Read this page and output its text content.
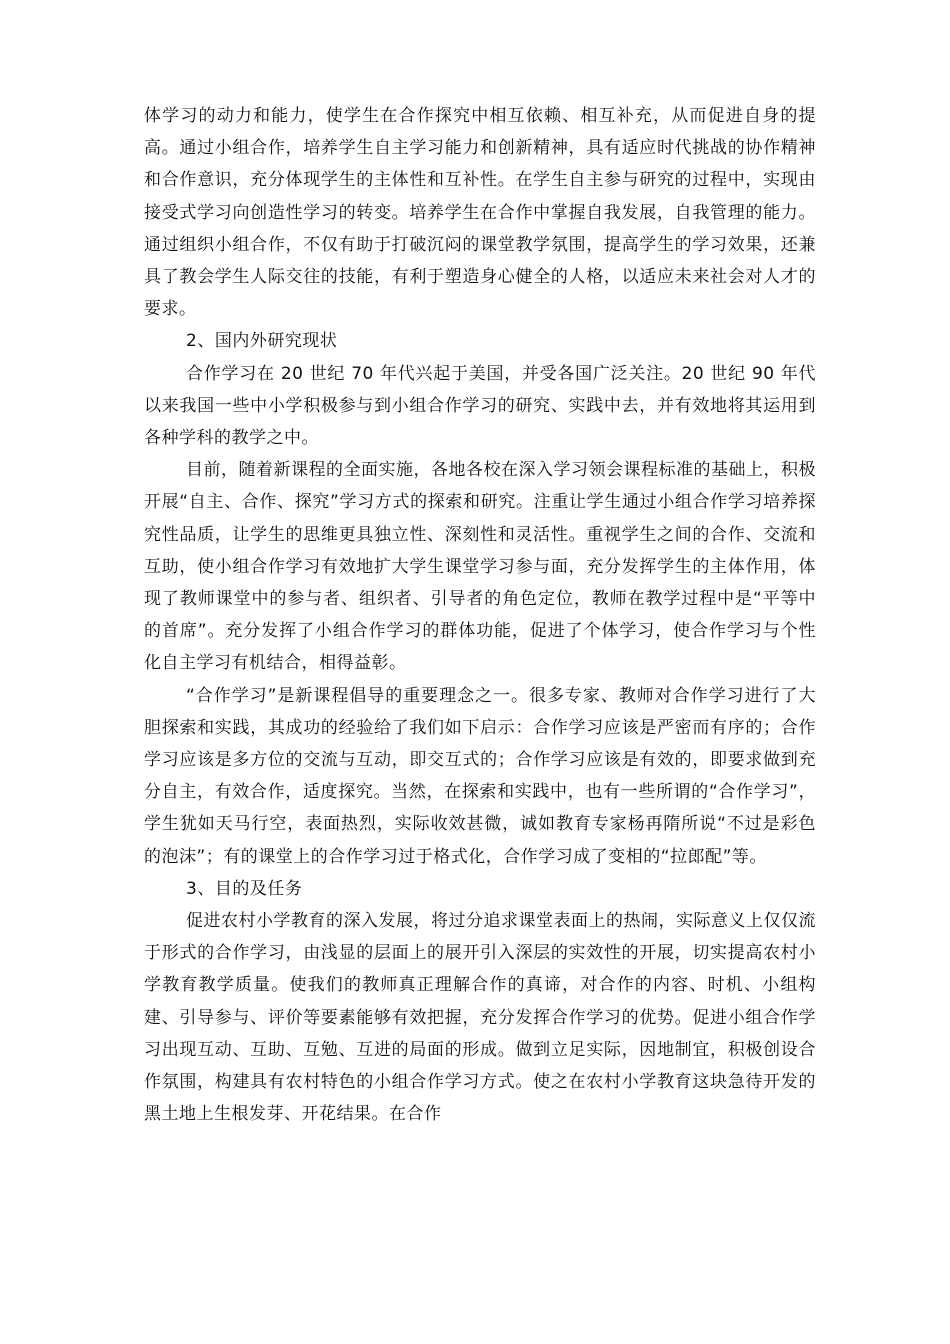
体学习的动力和能力，使学生在合作探究中相互依赖、相互补充，从而促进自身的提高。通过小组合作，培养学生自主学习能力和创新精神，具有适应时代挑战的协作精神和合作意识，充分体现学生的主体性和互补性。在学生自主参与研究的过程中，实现由接受式学习向创造性学习的转变。培养学生在合作中掌握自我发展，自我管理的能力。通过组织小组合作，不仅有助于打破沉闷的课堂教学氛围，提高学生的学习效果，还兼具了教会学生人际交往的技能，有利于塑造身心健全的人格，以适应未来社会对人才的要求。

2、国内外研究现状

合作学习在 20 世纪 70 年代兴起于美国，并受各国广泛关注。20 世纪 90 年代以来我国一些中小学积极参与到小组合作学习的研究、实践中去，并有效地将其运用到各种学科的教学之中。

目前，随着新课程的全面实施，各地各校在深入学习领会课程标准的基础上，积极开展“自主、合作、探究”学习方式的探索和研究。注重让学生通过小组合作学习培养探究性品质，让学生的思维更具独立性、深刻性和灵活性。重视学生之间的合作、交流和互助，使小组合作学习有效地扩大学生课堂学习参与面，充分发挥学生的主体作用，体现了教师课堂中的参与者、组织者、引导者的角色定位，教师在教学过程中是“平等中的首席”。充分发挥了小组合作学习的群体功能，促进了个体学习，使合作学习与个性化自主学习有机结合，相得益彰。

“合作学习”是新课程倡导的重要理念之一。很多专家、教师对合作学习进行了大胆探索和实践，其成功的经验给了我们如下启示：合作学习应该是严密而有序的；合作学习应该是多方位的交流与互动，即交互式的；合作学习应该是有效的，即要求做到充分自主，有效合作，适度探究。当然，在探索和实践中，也有一些所谓的“合作学习”，学生犹如天马行空，表面热烈，实际收效甚微，诚如教育专家杨再隋所说“不过是彩色的泡沫”；有的课堂上的合作学习过于格式化，合作学习成了变相的“拉郎配”等。

3、目的及任务

促进农村小学教育的深入发展，将过分追求课堂表面上的热闹，实际意义上仅仅流于形式的合作学习，由浅显的层面上的展开引入深层的实效性的开展，切实提高农村小学教育教学质量。使我们的教师真正理解合作的真谛，对合作的内容、时机、小组构建、引导参与、评价等要素能够有效把握，充分发挥合作学习的优势。促进小组合作学习出现互动、互助、互勉、互进的局面的形成。做到立足实际，因地制宜，积极创设合作氛围，构建具有农村特色的小组合作学习方式。使之在农村小学教育这块急待开发的黑土地上生根发芽、开花结果。在合作
